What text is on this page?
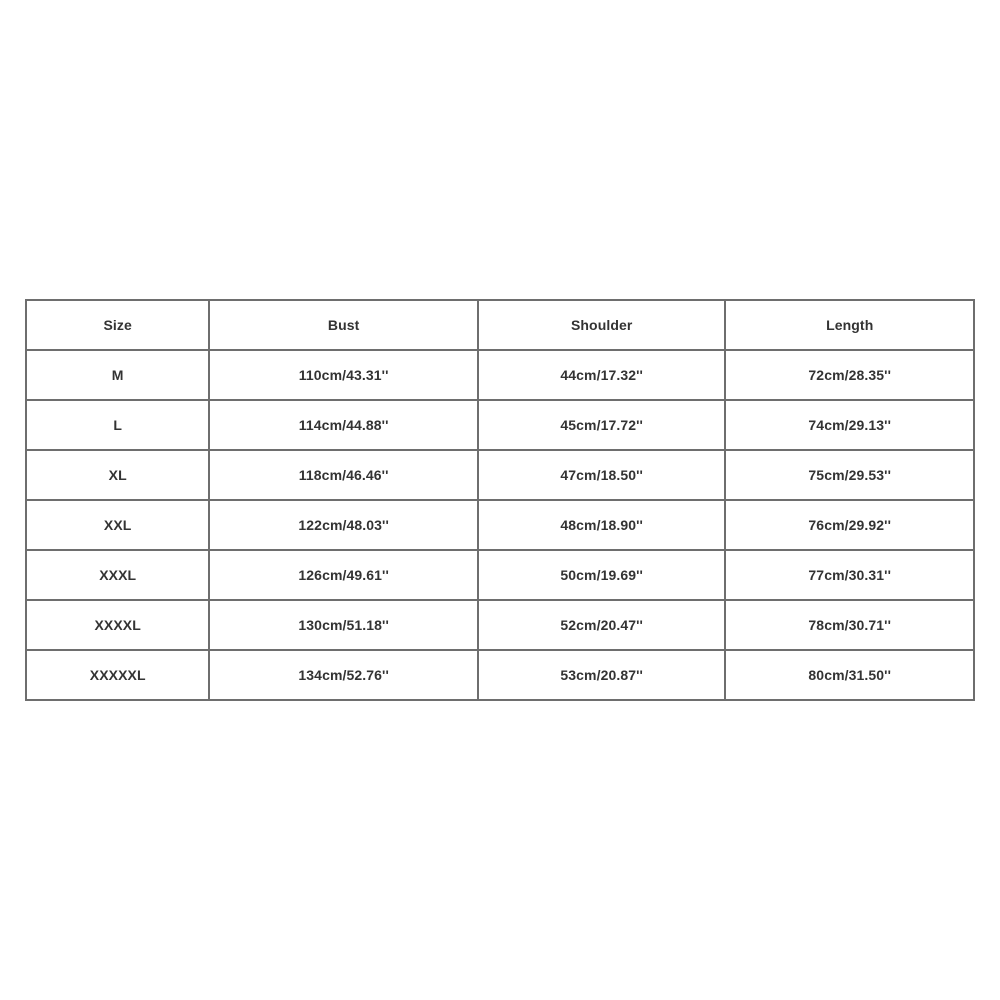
Size	Bust	Shoulder	Length
M	110cm/43.31''	44cm/17.32''	72cm/28.35''
L	114cm/44.88''	45cm/17.72''	74cm/29.13''
XL	118cm/46.46''	47cm/18.50''	75cm/29.53''
XXL	122cm/48.03''	48cm/18.90''	76cm/29.92''
XXXL	126cm/49.61''	50cm/19.69''	77cm/30.31''
XXXXL	130cm/51.18''	52cm/20.47''	78cm/30.71''
XXXXXL	134cm/52.76''	53cm/20.87''	80cm/31.50''
